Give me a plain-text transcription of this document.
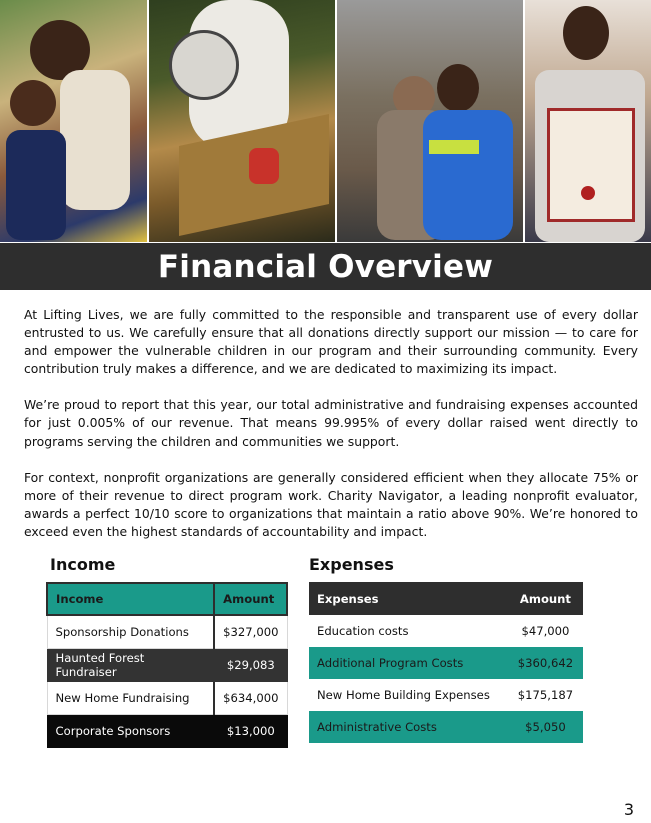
Financial Overview

At Lifting Lives, we are fully committed to the responsible and transparent use of every dollar entrusted to us. We carefully ensure that all donations directly support our mission — to care for and empower the vulnerable children in our program and their surrounding community. Every contribution truly makes a difference, and we are dedicated to maximizing its impact.

We’re proud to report that this year, our total administrative and fundraising expenses accounted for just 0.005% of our revenue. That means 99.995% of every dollar raised went directly to programs serving the children and communities we support.

For context, nonprofit organizations are generally considered efficient when they allocate 75% or more of their revenue to direct program work. Charity Navigator, a leading nonprofit evaluator, awards a perfect 10/10 score to organizations that maintain a ratio above 90%. We’re honored to exceed even the highest standards of accountability and impact.

Income	Expenses
Income	Amount
Sponsorship Donations	$327,000
Haunted Forest Fundraiser	$29,083
New Home Fundraising	$634,000
Corporate Sponsors	$13,000
Expenses	Amount
Education costs	$47,000
Additional Program Costs	$360,642
New Home Building Expenses	$175,187
Administrative Costs	$5,050
3
